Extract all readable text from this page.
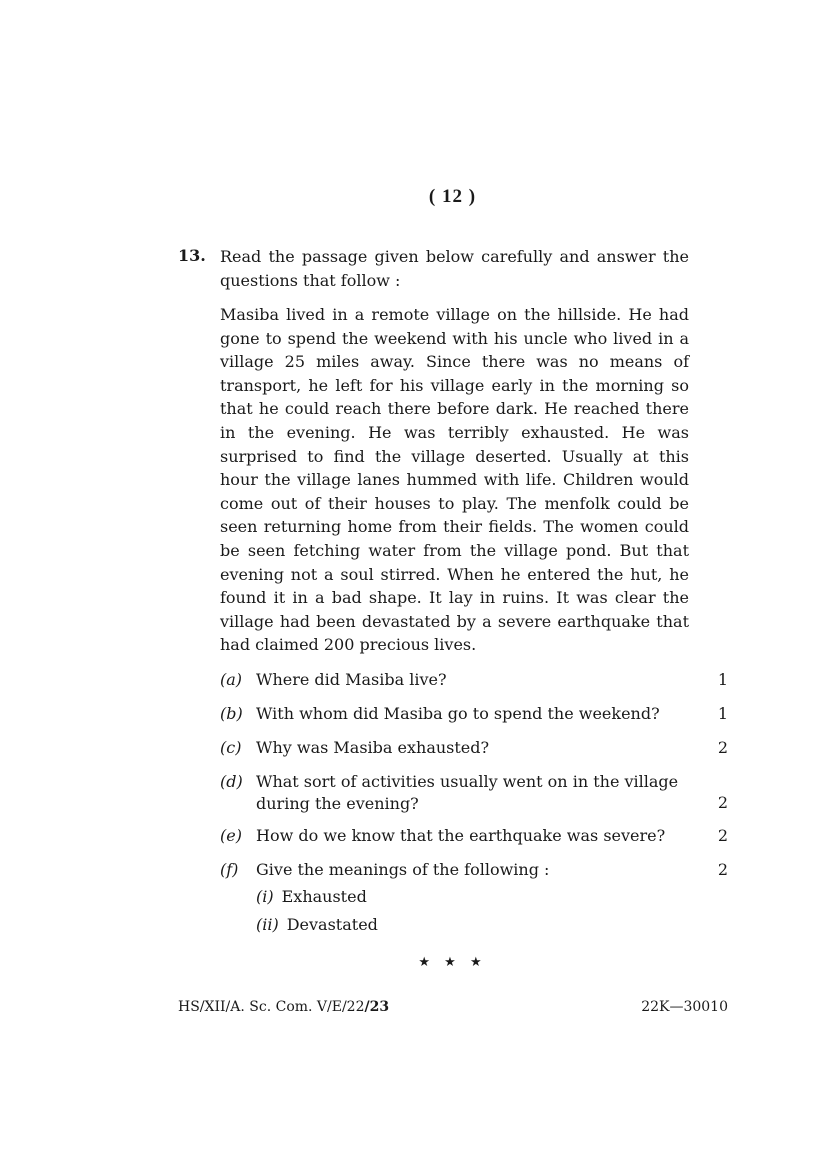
( 12 )
13. Read the passage given below carefully and answer the questions that follow :
Masiba lived in a remote village on the hillside. He had gone to spend the weekend with his uncle who lived in a village 25 miles away. Since there was no means of transport, he left for his village early in the morning so that he could reach there before dark. He reached there in the evening. He was terribly exhausted. He was surprised to find the village deserted. Usually at this hour the village lanes hummed with life. Children would come out of their houses to play. The menfolk could be seen returning home from their fields. The women could be seen fetching water from the village pond. But that evening not a soul stirred. When he entered the hut, he found it in a bad shape. It lay in ruins. It was clear the village had been devastated by a severe earthquake that had claimed 200 precious lives.
(a) Where did Masiba live?	1
(b) With whom did Masiba go to spend the weekend?	1
(c) Why was Masiba exhausted?	2
(d) What sort of activities usually went on in the village during the evening?	2
(e) How do we know that the earthquake was severe?	2
(f) Give the meanings of the following :	2
(i) Exhausted
(ii) Devastated
★ ★ ★
HS/XII/A. Sc. Com. V/E/22/23	22K—30010
